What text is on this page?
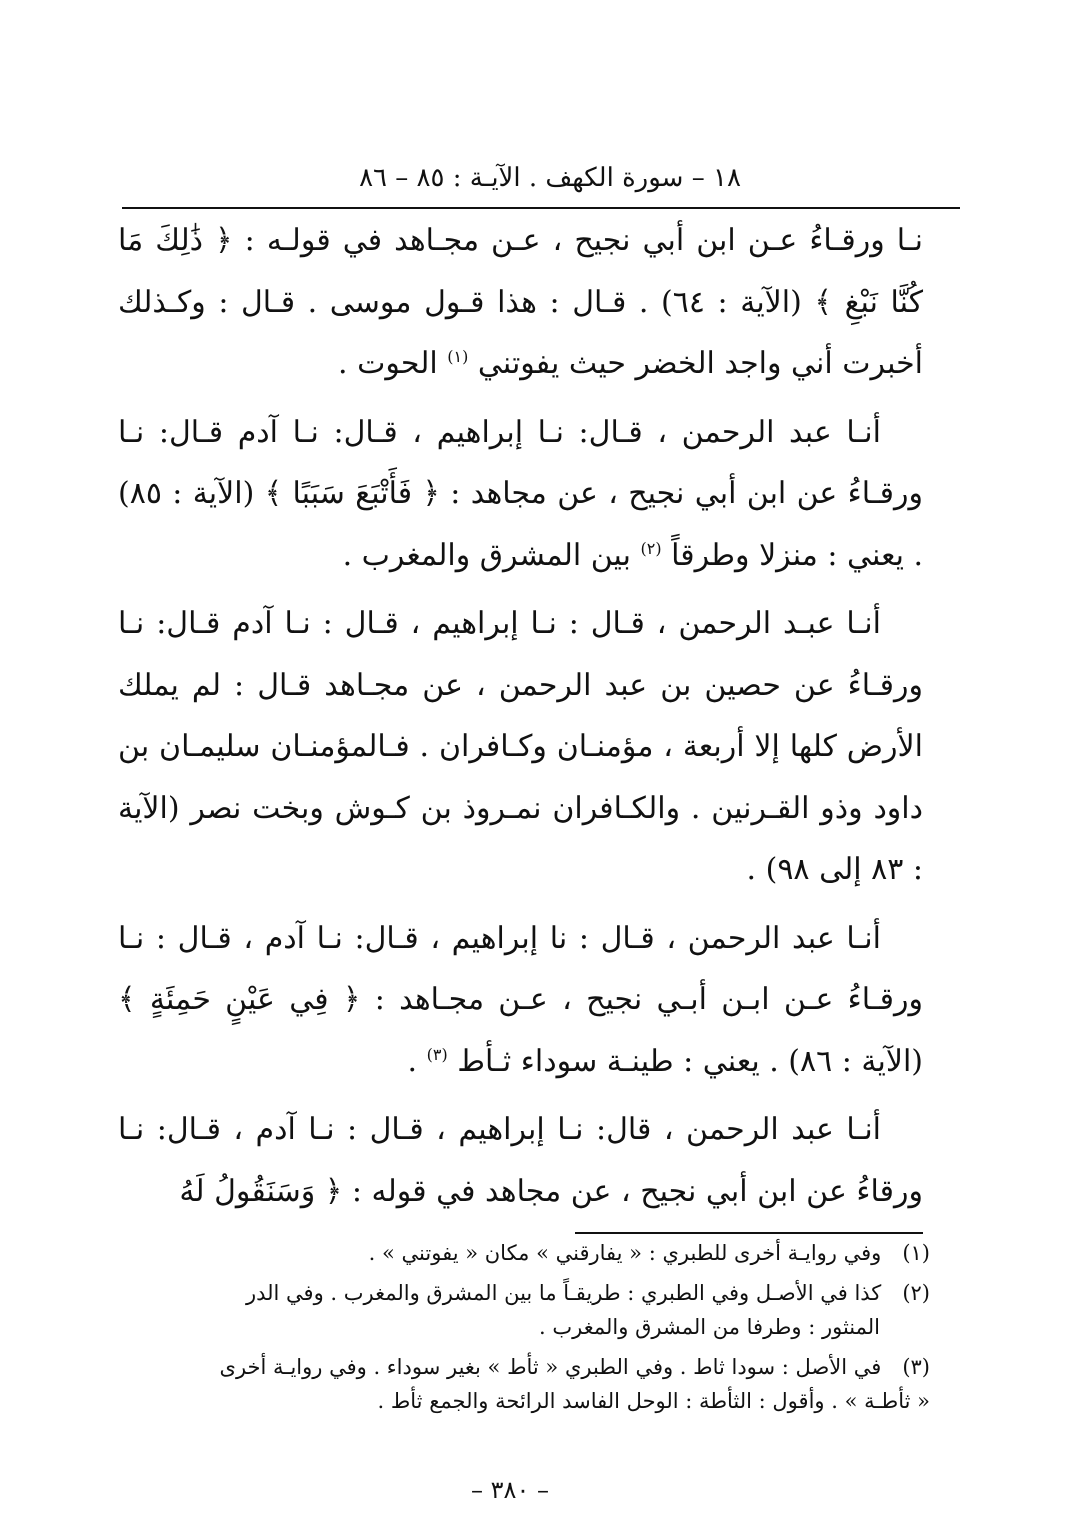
١٨ – سورة الكهف . الآيـة : ٨٥ – ٨٦

نـا ورقـاءُ عـن ابن أبي نجيح ، عـن مجـاهد في قولـه : ﴿ ذَٰلِكَ مَا كُنَّا نَبْغِ ﴾ (الآية : ٦٤) . قـال : هذا قـول موسى . قـال : وكـذلك أخبرت أني واجد الخضر حيث يفوتني $^{(١)}$ الحوت .

أنـا عبد الرحمن ، قـال: نـا إبراهيم ، قـال: نـا آدم قـال: نـا ورقـاءُ عن ابن أبي نجيح ، عن مجاهد : ﴿ فَأَتْبَعَ سَبَبًا ﴾ (الآية : ٨٥) . يعني : منزلا وطرقاً $^{(٢)}$ بين المشرق والمغرب .

أنـا عبـد الرحمن ، قـال : نـا إبراهيم ، قـال : نـا آدم قـال: نـا ورقـاءُ عن حصين بن عبد الرحمن ، عن مجـاهد قـال : لم يملك الأرض كلها إلا أربعة ، مؤمنـان وكـافران . فـالمؤمنـان سليمـان بن داود وذو القـرنين . والكـافران نمـروذ بن كـوش وبخت نصر (الآية : ٨٣ إلى ٩٨) .

أنـا عبد الرحمن ، قـال : نا إبراهيم ، قـال: نـا آدم ، قـال : نـا ورقـاءُ عـن ابـن أبـي نجيح ، عـن مجـاهد : ﴿ فِي عَيْنٍ حَمِئَةٍ ﴾ (الآية : ٨٦) . يعني : طينـة سوداء ثـأط $^{(٣)}$ .

أنـا عبد الرحمن ، قال: نـا إبراهيم ، قـال : نـا آدم ، قـال: نـا ورقاءُ عن ابن أبي نجيح ، عن مجاهد في قوله : ﴿ وَسَنَقُولُ لَهُ

(١) وفي روايـة أخرى للطبري : « يفارقني » مكان « يفوتني » .

(٢) كذا في الأصـل وفي الطبري : طريقـاً ما بين المشرق والمغرب . وفي الدر
المنثور : وطرفا من المشرق والمغرب .

(٣) في الأصل : سودا ثاط . وفي الطبري « ثأط » بغير سوداء . وفي روايـة أخرى
« ثأطـة » . وأقول : الثأطة : الوحل الفاسد الرائحة والجمع ثأط .

– ٣٨٠ –
